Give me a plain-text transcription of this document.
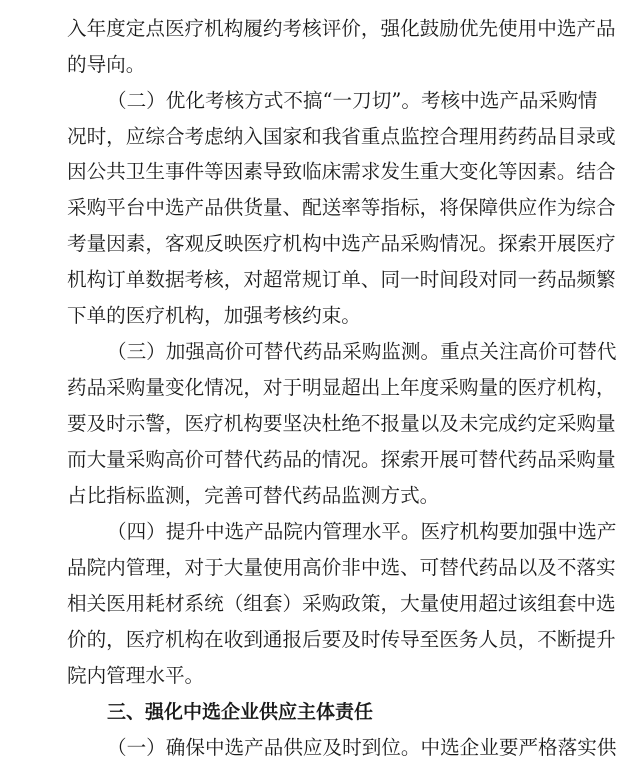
入年度定点医疗机构履约考核评价，强化鼓励优先使用中选产品
的导向。
（二）优化考核方式不搞“一刀切”。考核中选产品采购情
况时，应综合考虑纳入国家和我省重点监控合理用药药品目录或
因公共卫生事件等因素导致临床需求发生重大变化等因素。结合
采购平台中选产品供货量、配送率等指标，将保障供应作为综合
考量因素，客观反映医疗机构中选产品采购情况。探索开展医疗
机构订单数据考核，对超常规订单、同一时间段对同一药品频繁
下单的医疗机构，加强考核约束。
（三）加强高价可替代药品采购监测。重点关注高价可替代
药品采购量变化情况，对于明显超出上年度采购量的医疗机构，
要及时示警，医疗机构要坚决杜绝不报量以及未完成约定采购量
而大量采购高价可替代药品的情况。探索开展可替代药品采购量
占比指标监测，完善可替代药品监测方式。
（四）提升中选产品院内管理水平。医疗机构要加强中选产
品院内管理，对于大量使用高价非中选、可替代药品以及不落实
相关医用耗材系统（组套）采购政策，大量使用超过该组套中选
价的，医疗机构在收到通报后要及时传导至医务人员，不断提升
院内管理水平。
三、强化中选企业供应主体责任
（一）确保中选产品供应及时到位。中选企业要严格落实供
